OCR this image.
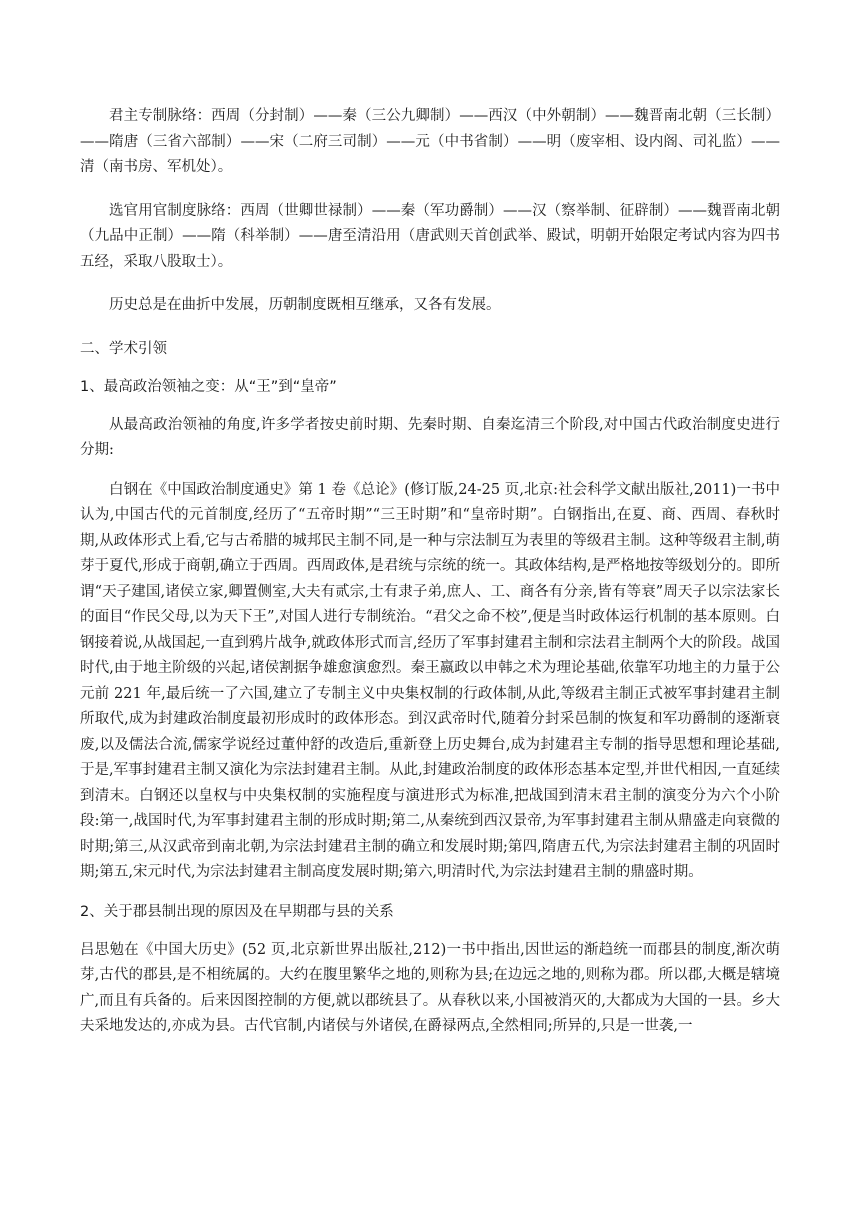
君主专制脉络：西周（分封制）——秦（三公九卿制）——西汉（中外朝制）——魏晋南北朝（三长制）——隋唐（三省六部制）——宋（二府三司制）——元（中书省制）——明（废宰相、设内阁、司礼监）——清（南书房、军机处）。

选官用官制度脉络：西周（世卿世禄制）——秦（军功爵制）——汉（察举制、征辟制）——魏晋南北朝（九品中正制）——隋（科举制）——唐至清沿用（唐武则天首创武举、殿试，明朝开始限定考试内容为四书五经，采取八股取士）。

历史总是在曲折中发展，历朝制度既相互继承，又各有发展。

二、学术引领

1、最高政治领袖之变：从“王”到“皇帝”

从最高政治领袖的角度,许多学者按史前时期、先秦时期、自秦迄清三个阶段,对中国古代政治制度史进行分期:

白钢在《中国政治制度通史》第 1 卷《总论》(修订版,24-25 页,北京:社会科学文献出版社,2011)一书中认为,中国古代的元首制度,经历了“五帝时期”“三王时期”和“皇帝时期”。白钢指出,在夏、商、西周、春秋时期,从政体形式上看,它与古希腊的城邦民主制不同,是一种与宗法制互为表里的等级君主制。这种等级君主制,萌芽于夏代,形成于商朝,确立于西周。西周政体,是君统与宗统的统一。其政体结构,是严格地按等级划分的。即所谓“天子建国,诸侯立家,卿置侧室,大夫有贰宗,士有隶子弟,庶人、工、商各有分亲,皆有等衰”周天子以宗法家长的面目“作民父母,以为天下王”,对国人进行专制统治。“君父之命不校”,便是当时政体运行机制的基本原则。白钢接着说,从战国起,一直到鸦片战争,就政体形式而言,经历了军事封建君主制和宗法君主制两个大的阶段。战国时代,由于地主阶级的兴起,诸侯割据争雄愈演愈烈。秦王嬴政以申韩之术为理论基础,依靠军功地主的力量于公元前 221 年,最后统一了六国,建立了专制主义中央集权制的行政体制,从此,等级君主制正式被军事封建君主制所取代,成为封建政治制度最初形成时的政体形态。到汉武帝时代,随着分封采邑制的恢复和军功爵制的逐渐衰废,以及儒法合流,儒家学说经过董仲舒的改造后,重新登上历史舞台,成为封建君主专制的指导思想和理论基础,于是,军事封建君主制又演化为宗法封建君主制。从此,封建政治制度的政体形态基本定型,并世代相因,一直延续到清末。白钢还以皇权与中央集权制的实施程度与演进形式为标准,把战国到清末君主制的演变分为六个小阶段:第一,战国时代,为军事封建君主制的形成时期;第二,从秦统到西汉景帝,为军事封建君主制从鼎盛走向衰微的时期;第三,从汉武帝到南北朝,为宗法封建君主制的确立和发展时期;第四,隋唐五代,为宗法封建君主制的巩固时期;第五,宋元时代,为宗法封建君主制高度发展时期;第六,明清时代,为宗法封建君主制的鼎盛时期。

2、关于郡县制出现的原因及在早期郡与县的关系

吕思勉在《中国大历史》(52 页,北京新世界出版社,212)一书中指出,因世运的渐趋统一而郡县的制度,渐次萌芽,古代的郡县,是不相统属的。大约在腹里繁华之地的,则称为县;在边远之地的,则称为郡。所以郡,大概是辖境广,而且有兵备的。后来因图控制的方便,就以郡统县了。从春秋以来,小国被消灭的,大都成为大国的一县。乡大夫采地发达的,亦成为县。古代官制,内诸侯与外诸侯,在爵禄两点,全然相同;所异的,只是一世袭,一
